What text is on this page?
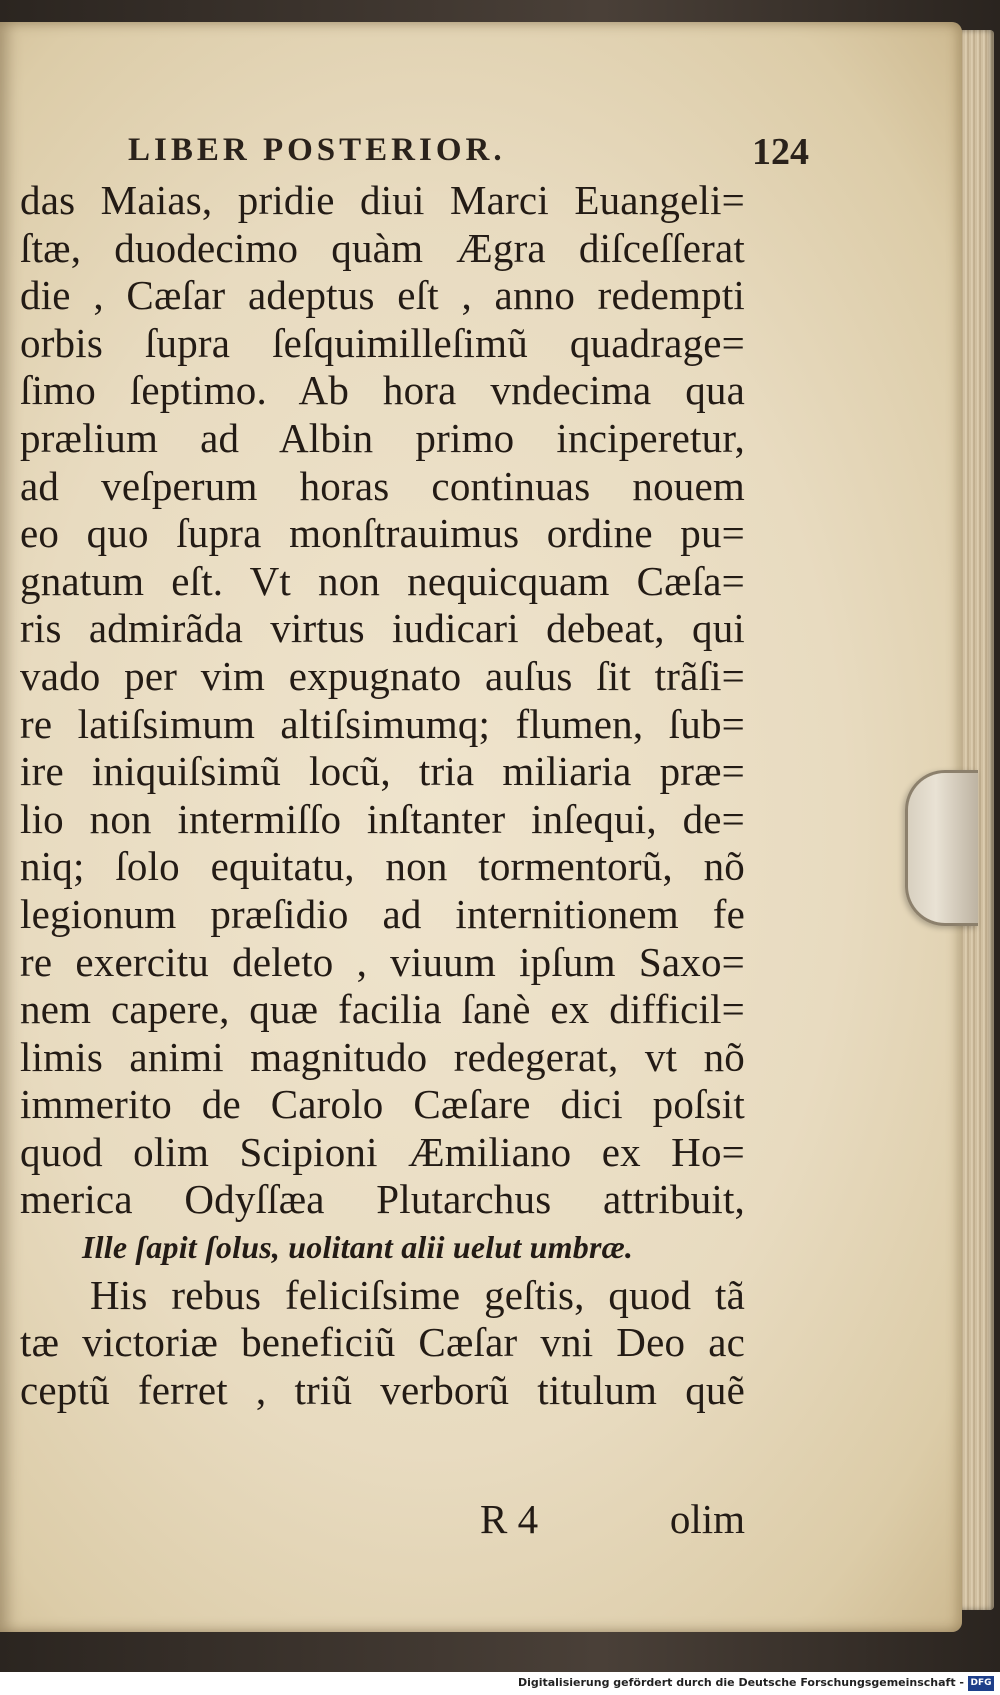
LIBER POSTERIOR.	124
das Maias, pridie diui Marci Euangeli=
ſtæ, duodecimo quàm Ægra diſceſſerat
die , Cæſar adeptus eſt , anno redempti
orbis ſupra ſeſquimilleſimũ quadrage=
ſimo ſeptimo. Ab hora vndecima qua
prælium ad Albin primo inciperetur,
ad veſperum horas continuas nouem
eo quo ſupra monſtrauimus ordine pu=
gnatum eſt. Vt non nequicquam Cæſa=
ris admirãda virtus iudicari debeat, qui
vado per vim expugnato auſus ſit trãſi=
re latiſsimum altiſsimumq; flumen, ſub=
ire iniquiſsimũ locũ, tria miliaria præ=
lio non intermiſſo inſtanter inſequi, de=
niq; ſolo equitatu, non tormentorũ, nõ
legionum præſidio ad internitionem fe
re exercitu deleto , viuum ipſum Saxo=
nem capere, quæ facilia ſanè ex difficil=
limis animi magnitudo redegerat, vt nõ
immerito de Carolo Cæſare dici poſsit
quod olim Scipioni Æmiliano ex Ho=
merica Odyſſæa Plutarchus attribuit,
Ille ſapit ſolus, uolitant alii uelut umbræ.
His rebus feliciſsime geſtis, quod tã
tæ victoriæ beneficiũ Cæſar vni Deo ac
ceptũ ferret , triũ verborũ titulum quẽ
R 4	olim
Digitalisierung gefördert durch die Deutsche Forschungsgemeinschaft - DFG
